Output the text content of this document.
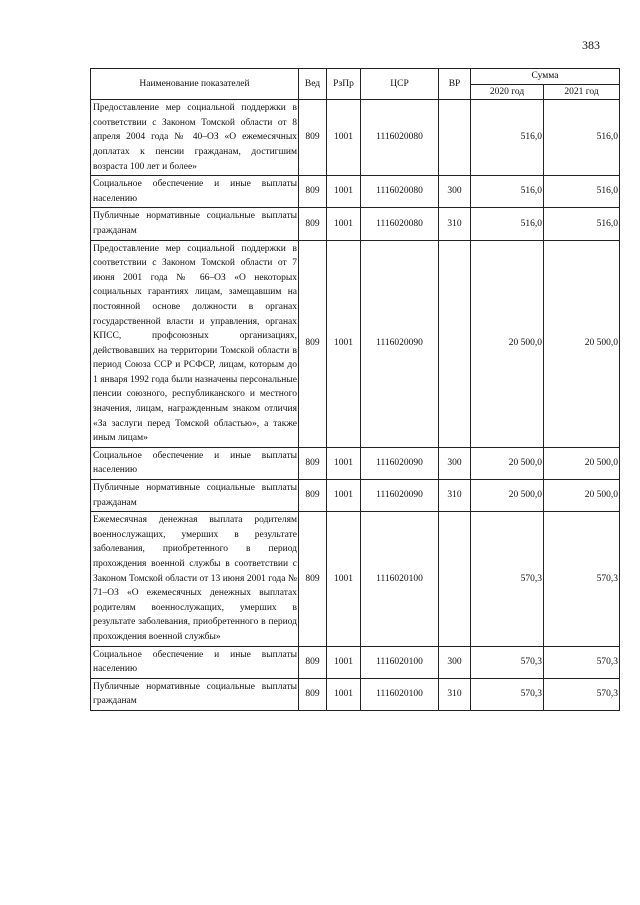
383
Наименование показателей	Вед	РзПр	ЦСР	ВР	Сумма	
					2020 год	2021 год
Предоставление мер социальной поддержки в соответствии с Законом Томской области от 8 апреля 2004 года № 40–ОЗ «О ежемесячных доплатах к пенсии гражданам, достигшим возраста 100 лет и более»	809	1001	1116020080		516,0	516,0
Социальное обеспечение и иные выплаты населению	809	1001	1116020080	300	516,0	516,0
Публичные нормативные социальные выплаты гражданам	809	1001	1116020080	310	516,0	516,0
Предоставление мер социальной поддержки в соответствии с Законом Томской области от 7 июня 2001 года № 66–ОЗ «О некоторых социальных гарантиях лицам, замещавшим на постоянной основе должности в органах государственной власти и управления, органах КПСС, профсоюзных организациях, действовавших на территории Томской области в период Союза ССР и РСФСР, лицам, которым до 1 января 1992 года были назначены персональные пенсии союзного, республиканского и местного значения, лицам, награжденным знаком отличия «За заслуги перед Томской областью», а также иным лицам»	809	1001	1116020090		20 500,0	20 500,0
Социальное обеспечение и иные выплаты населению	809	1001	1116020090	300	20 500,0	20 500,0
Публичные нормативные социальные выплаты гражданам	809	1001	1116020090	310	20 500,0	20 500,0
Ежемесячная денежная выплата родителям военнослужащих, умерших в результате заболевания, приобретенного в период прохождения военной службы в соответствии с Законом Томской области от 13 июня 2001 года № 71–ОЗ «О ежемесячных денежных выплатах родителям военнослужащих, умерших в результате заболевания, приобретенного в период прохождения военной службы»	809	1001	1116020100		570,3	570,3
Социальное обеспечение и иные выплаты населению	809	1001	1116020100	300	570,3	570,3
Публичные нормативные социальные выплаты гражданам	809	1001	1116020100	310	570,3	570,3
